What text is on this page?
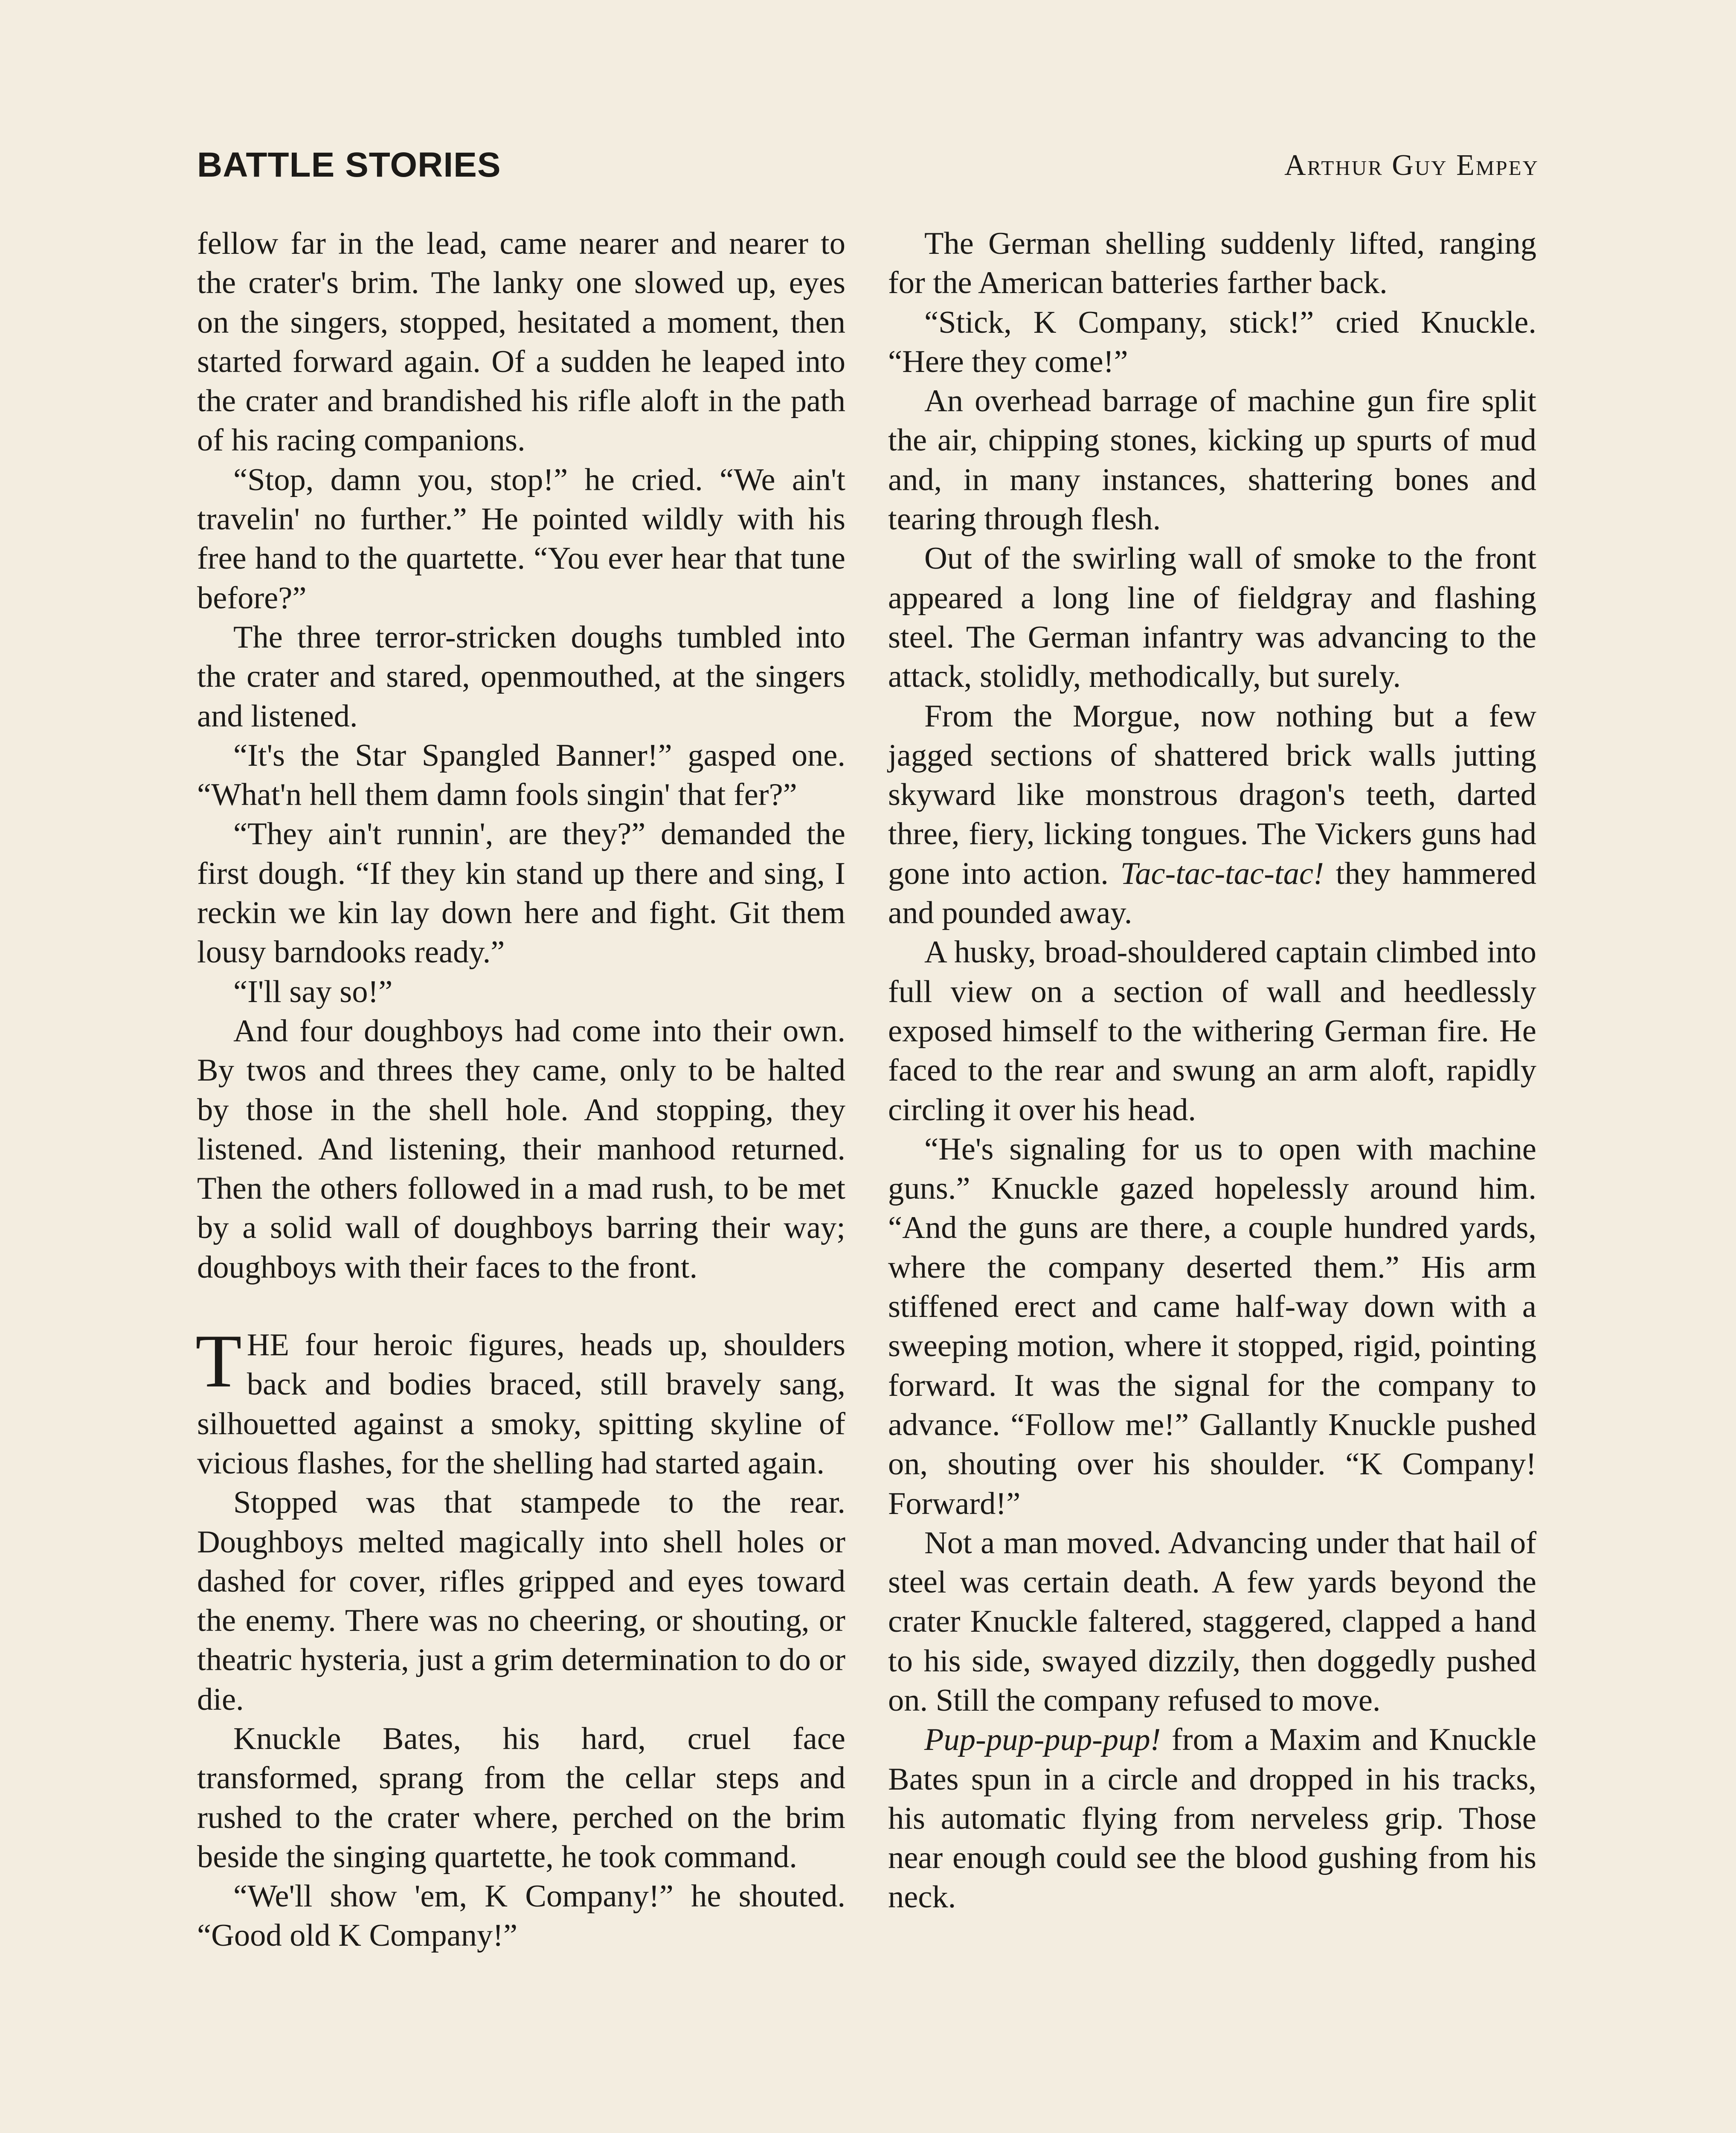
BATTLE STORIES	Arthur Guy Empey

fellow far in the lead, came nearer and nearer to the crater's brim. The lanky one slowed up, eyes on the singers, stopped, hesitated a moment, then started forward again. Of a sudden he leaped into the crater and brandished his rifle aloft in the path of his racing companions.

“Stop, damn you, stop!” he cried. “We ain't travelin' no further.” He pointed wildly with his free hand to the quartette. “You ever hear that tune before?”

The three terror-stricken doughs tumbled into the crater and stared, openmouthed, at the singers and listened.

“It's the Star Spangled Banner!” gasped one. “What'n hell them damn fools singin' that fer?”

“They ain't runnin', are they?” demanded the first dough. “If they kin stand up there and sing, I reckin we kin lay down here and fight. Git them lousy barndooks ready.”

“I'll say so!”

And four doughboys had come into their own. By twos and threes they came, only to be halted by those in the shell hole. And stopping, they listened. And listening, their manhood returned. Then the others followed in a mad rush, to be met by a solid wall of doughboys barring their way; doughboys with their faces to the front.

THE four heroic figures, heads up, shoulders back and bodies braced, still bravely sang, silhouetted against a smoky, spitting skyline of vicious flashes, for the shelling had started again.

Stopped was that stampede to the rear. Doughboys melted magically into shell holes or dashed for cover, rifles gripped and eyes toward the enemy. There was no cheering, or shouting, or theatric hysteria, just a grim determination to do or die.

Knuckle Bates, his hard, cruel face transformed, sprang from the cellar steps and rushed to the crater where, perched on the brim beside the singing quartette, he took command.

“We'll show 'em, K Company!” he shouted. “Good old K Company!”

The German shelling suddenly lifted, ranging for the American batteries farther back.

“Stick, K Company, stick!” cried Knuckle. “Here they come!”

An overhead barrage of machine gun fire split the air, chipping stones, kicking up spurts of mud and, in many instances, shattering bones and tearing through flesh.

Out of the swirling wall of smoke to the front appeared a long line of fieldgray and flashing steel. The German infantry was advancing to the attack, stolidly, methodically, but surely.

From the Morgue, now nothing but a few jagged sections of shattered brick walls jutting skyward like monstrous dragon's teeth, darted three, fiery, licking tongues. The Vickers guns had gone into action. Tac-tac-tac-tac! they hammered and pounded away.

A husky, broad-shouldered captain climbed into full view on a section of wall and heedlessly exposed himself to the withering German fire. He faced to the rear and swung an arm aloft, rapidly circling it over his head.

“He's signaling for us to open with machine guns.” Knuckle gazed hopelessly around him. “And the guns are there, a couple hundred yards, where the company deserted them.” His arm stiffened erect and came half-way down with a sweeping motion, where it stopped, rigid, pointing forward. It was the signal for the company to advance. “Follow me!” Gallantly Knuckle pushed on, shouting over his shoulder. “K Company! Forward!”

Not a man moved. Advancing under that hail of steel was certain death. A few yards beyond the crater Knuckle faltered, staggered, clapped a hand to his side, swayed dizzily, then doggedly pushed on. Still the company refused to move.

Pup-pup-pup-pup! from a Maxim and Knuckle Bates spun in a circle and dropped in his tracks, his automatic flying from nerveless grip. Those near enough could see the blood gushing from his neck.
